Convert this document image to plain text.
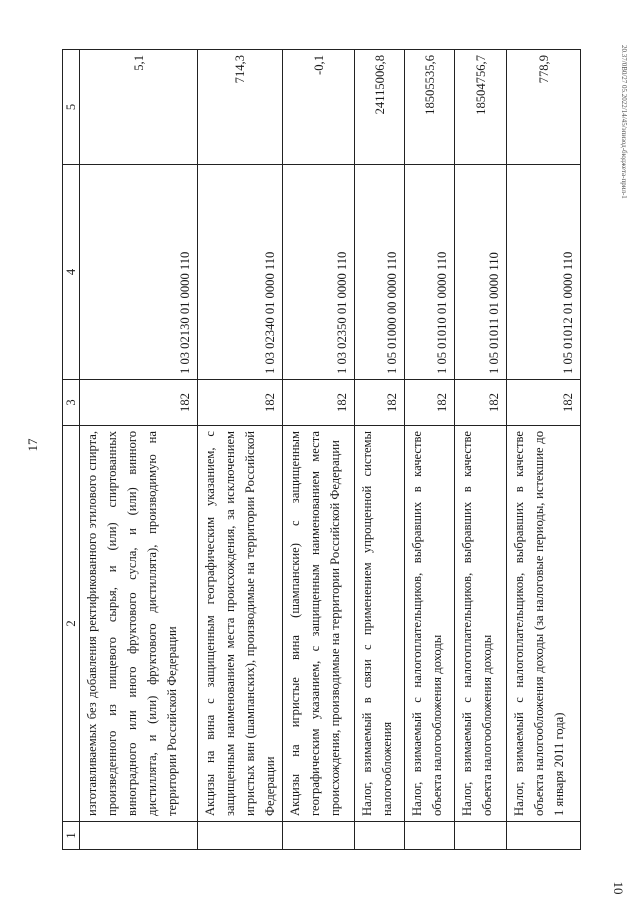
20.37/0В0/27 05.2022/14/45/эпизод-бюджета-прил-1
10
17
1	2	3	4	5
	изготавливаемых без добавления ректификованного этилового спирта, произведенного из пищевого сырья, и (или) спиртованных виноградного или иного фруктового сусла, и (или) винного дистиллята, и (или) фруктового дистиллята), производимую на территории Российской Федерации	182	1 03 02130 01 0000 110	5,1
	Акцизы на вина с защищенным географическим указанием, с защищенным наименованием места происхождения, за исключением игристых вин (шампанских), производимые на территории Российской Федерации	182	1 03 02340 01 0000 110	714,3
	Акцизы на игристые вина (шампанские) с защищенным географическим указанием, с защищенным наименованием места происхождения, производимые на территории Российской Федерации	182	1 03 02350 01 0000 110	-0,1
	Налог, взимаемый в связи с применением упрощенной системы налогообложения	182	1 05 01000 00 0000 110	24115006,8
	Налог, взимаемый с налогоплательщиков, выбравших в качестве объекта налогообложения доходы	182	1 05 01010 01 0000 110	18505535,6
	Налог, взимаемый с налогоплательщиков, выбравших в качестве объекта налогообложения доходы	182	1 05 01011 01 0000 110	18504756,7
	Налог, взимаемый с налогоплательщиков, выбравших в качестве объекта налогообложения доходы (за налоговые периоды, истекшие до 1 января 2011 года)	182	1 05 01012 01 0000 110	778,9
